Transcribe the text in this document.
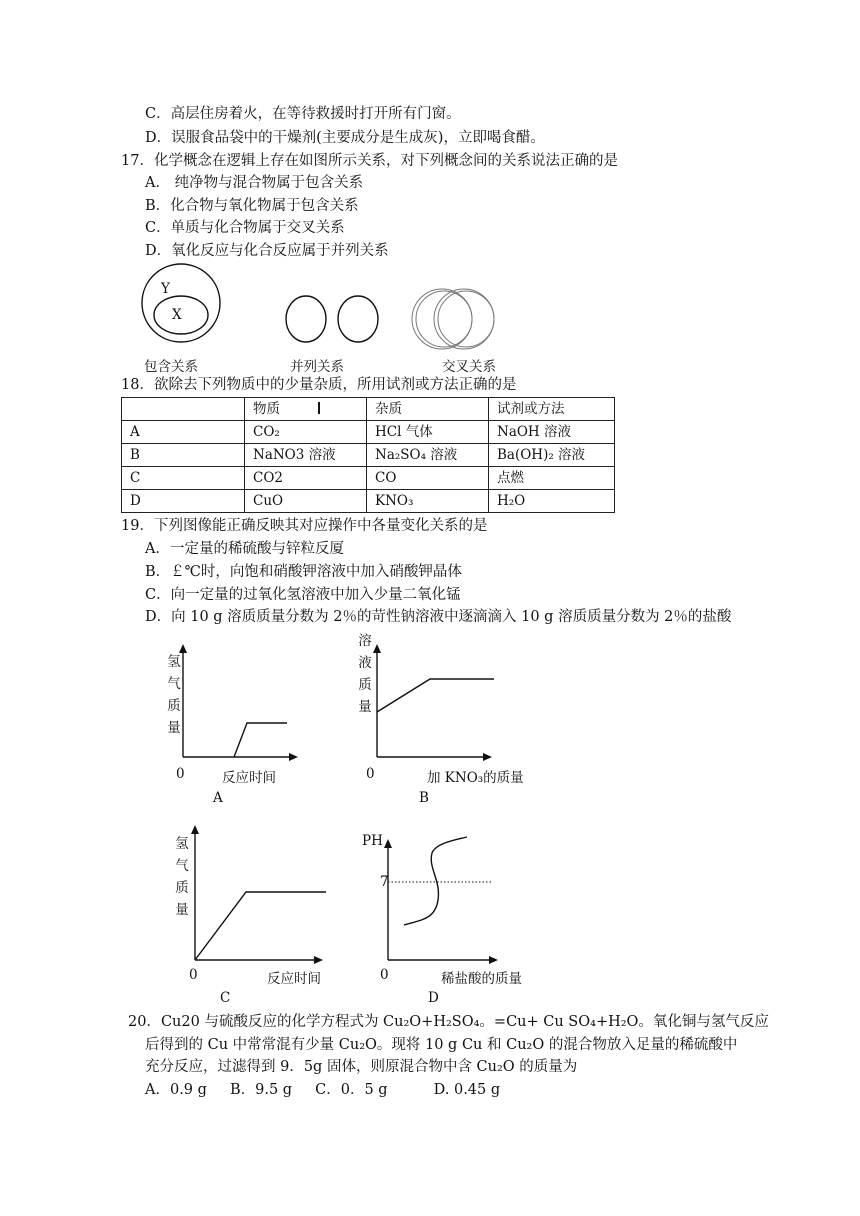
C．高层住房着火，在等待救援时打开所有门窗。
D．误服食品袋中的干燥剂(主要成分是生成灰)，立即喝食醋。
17．化学概念在逻辑上存在如图所示关系，对下列概念间的关系说法正确的是
A． 纯净物与混合物属于包含关系
B．化合物与氧化物属于包含关系
C．单质与化合物属于交叉关系
D．氧化反应与化合反应属于并列关系
Y
X
包含关系	并列关系	交叉关系
18．欲除去下列物质中的少量杂质，所用试剂或方法正确的是
	物质	杂质	试剂或方法
A	CO₂	HCl 气体	NaOH 溶液
B	NaNO3 溶液	Na₂SO₄ 溶液	Ba(OH)₂ 溶液
C	CO2	CO	点燃
D	CuO	KNO₃	H₂O
19．下列图像能正确反映其对应操作中各量变化关系的是
A．一定量的稀硫酸与锌粒反厦
B．￡℃时，向饱和硝酸钾溶液中加入硝酸钾晶体
C．向一定量的过氧化氢溶液中加入少量二氧化锰
D．向 10 g 溶质质量分数为 2％的苛性钠溶液中逐滴滴入 10 g 溶质质量分数为 2％的盐酸
氢
气
质
量
0	反应时间
A
溶
液
质
量
0	加 KNO₃的质量
B
氢
气
质
量
0	反应时间
C
PH
7
0	稀盐酸的质量
D
20．Cu20 与硫酸反应的化学方程式为 Cu₂O+H₂SO₄。=Cu+ Cu SO₄+H₂O。氧化铜与氢气反应
后得到的 Cu 中常常混有少量 Cu₂O。现将 10 g Cu 和 Cu₂O 的混合物放入足量的稀硫酸中
充分反应，过滤得到 9．5g 固体，则原混合物中含 Cu₂O 的质量为
A．0.9 g     B．9.5 g     C．0．5 g          D. 0.45 g
